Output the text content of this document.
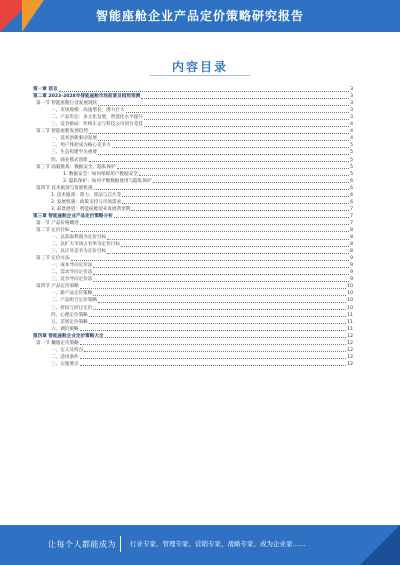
智能座舱企业产品定价策略研究报告
内容目录
第一章 前言	3
第二章 2023-2028年智能座舱市场前景及趋势预测	3
第一节 智能座舱行业发展现状	3
一、市场规模：高速增长，潜力巨大	3
二、产品形态：多元化发展，智能化水平提升	3
三、竞争格局：传统车企与科技公司同台竞技	4
第二节 智能座舱发展趋势	4
一、技术创新驱动发展	4
二、用户体验成为核心竞争力	5
三、生态构建至关重要	5
四、商业模式创新	5
第三节 面临挑战：数据安全、隐私保护	5
1. 数据安全：如何保障用户数据安全	5
2. 隐私保护：如何平衡数据使用与隐私保护	6
第四节 技术瓶颈与发展机遇	6
1. 技术瓶颈：算力、算法与芯片等	6
2. 发展机遇：政策支持与市场需求	6
3. 前景展望：智能座舱迎来发展黄金期	7
第三章 智能座舱企业产品定价策略分析	7
第一节 产品价格概述	7
第二节 定价目标	8
一、以获取利润为定价目标	8
二、以扩大市场占有率为定价目标	8
三、以应对竞争为定价目标	8
第三节 定价方法	9
一、成本导向定价法	9
二、需求导向定价法	9
三、竞争导向定价法	9
第四节 产品定价策略	10
一、新产品定价策略	10
二、产品组合定价策略	10
三、折扣与折让定价	10
四、心理定价策略	11
五、差别定价策略	11
六、调价策略	11
第四章 智能座舱企业定价策略大全	12
第一节 撇脂定价策略	12
一、定义及特点	12
二、适用条件	12
三、实施要点	12
让每个人都能成为 行业专家、管理专家、营销专家、战略专家、成为企业家……
